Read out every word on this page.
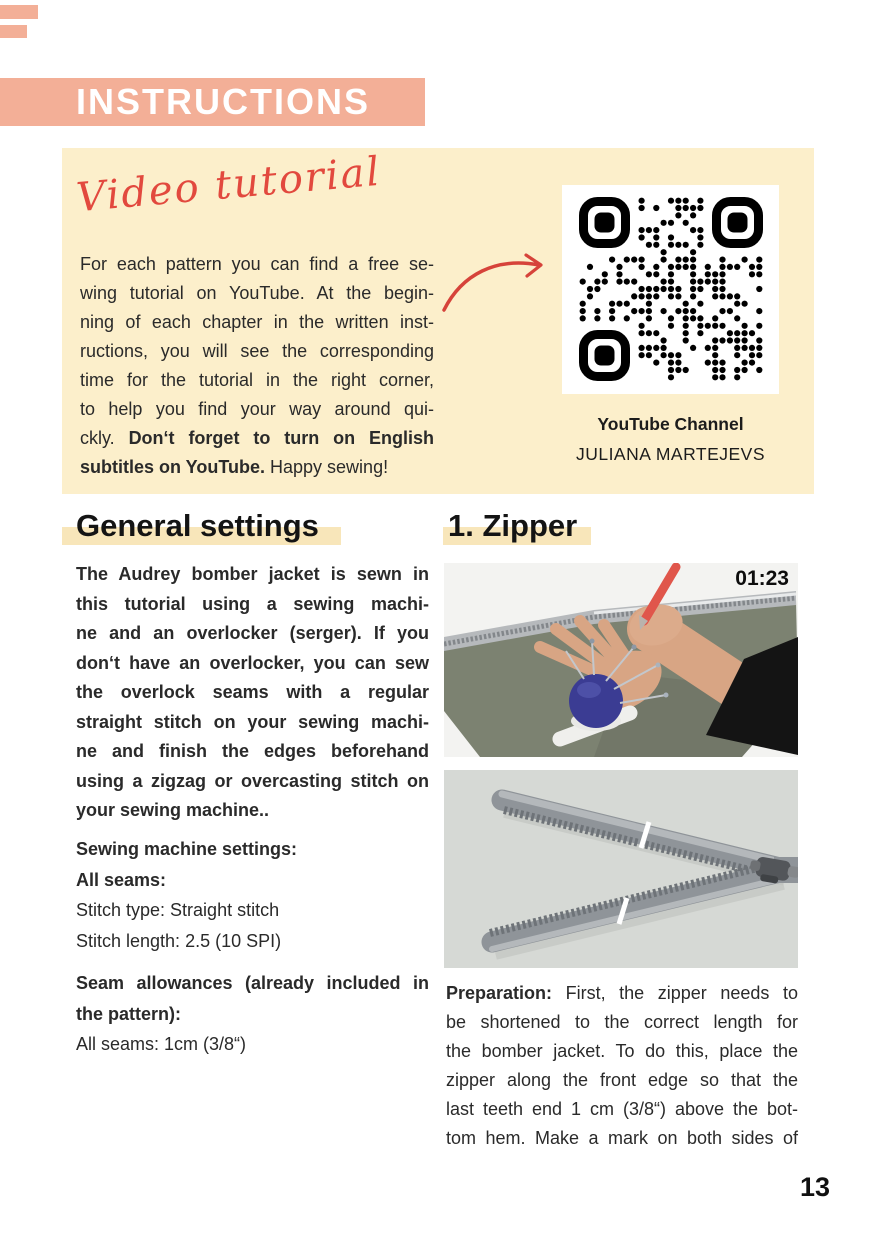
INSTRUCTIONS
Video tutorial
For each pattern you can find a free se-
wing tutorial on YouTube. At the begin-
ning of each chapter in the written inst-
ructions, you will see the corresponding
time for the tutorial in the right corner,
to help you find your way around qui-
ckly. Don‘t forget to turn on English
subtitles on YouTube. Happy sewing!
YouTube Channel
JULIANA MARTEJEVS
General settings
The Audrey bomber jacket is sewn in
this tutorial using a sewing machi-
ne and an overlocker (serger). If you
don‘t have an overlocker, you can sew
the overlock seams with a regular
straight stitch on your sewing machi-
ne and finish the edges beforehand
using a zigzag or overcasting stitch on
your sewing machine..
Sewing machine settings:
All seams:
Stitch type: Straight stitch
Stitch length: 2.5 (10 SPI)
Seam allowances (already included in
the pattern):
All seams: 1cm (3/8“)
1. Zipper
01:23
Preparation: First, the zipper needs to
be shortened to the correct length for
the bomber jacket. To do this, place the
zipper along the front edge so that the
last teeth end 1 cm (3/8“) above the bot-
tom hem. Make a mark on both sides of
13
